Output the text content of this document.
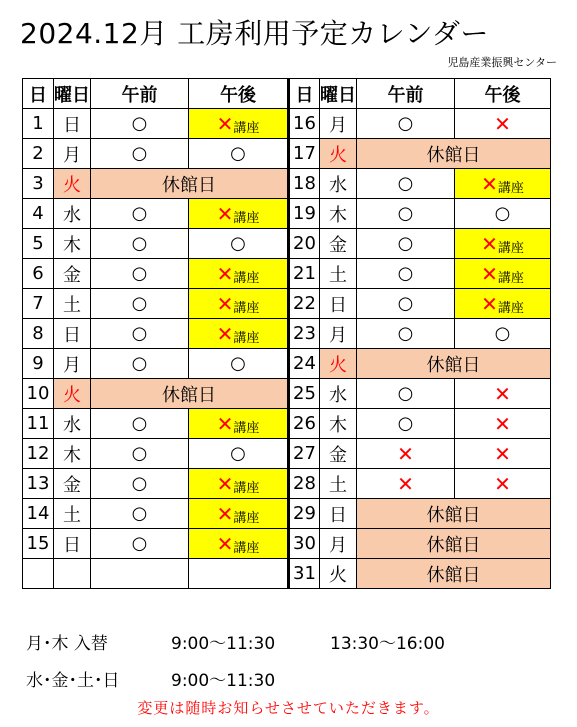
2024.12月 工房利用予定カレンダー
児島産業振興センター
日	曜日	午前	午後	日	曜日	午前	午後
1	日	○	✕講座	16	月	○	✕
2	月	○	○	17	火	休館日	
3	火	休館日		18	水	○	✕講座
4	水	○	✕講座	19	木	○	○
5	木	○	○	20	金	○	✕講座
6	金	○	✕講座	21	土	○	✕講座
7	土	○	✕講座	22	日	○	✕講座
8	日	○	✕講座	23	月	○	○
9	月	○	○	24	火	休館日	
10	火	休館日		25	水	○	✕
11	水	○	✕講座	26	木	○	✕
12	木	○	○	27	金	✕	✕
13	金	○	✕講座	28	土	✕	✕
14	土	○	✕講座	29	日	休館日	
15	日	○	✕講座	30	月	休館日	
				31	火	休館日	
月･木 入替	9:00～11:30	13:30～16:00
水･金･土･日	9:00～11:30
変更は随時お知らせさせていただきます。
